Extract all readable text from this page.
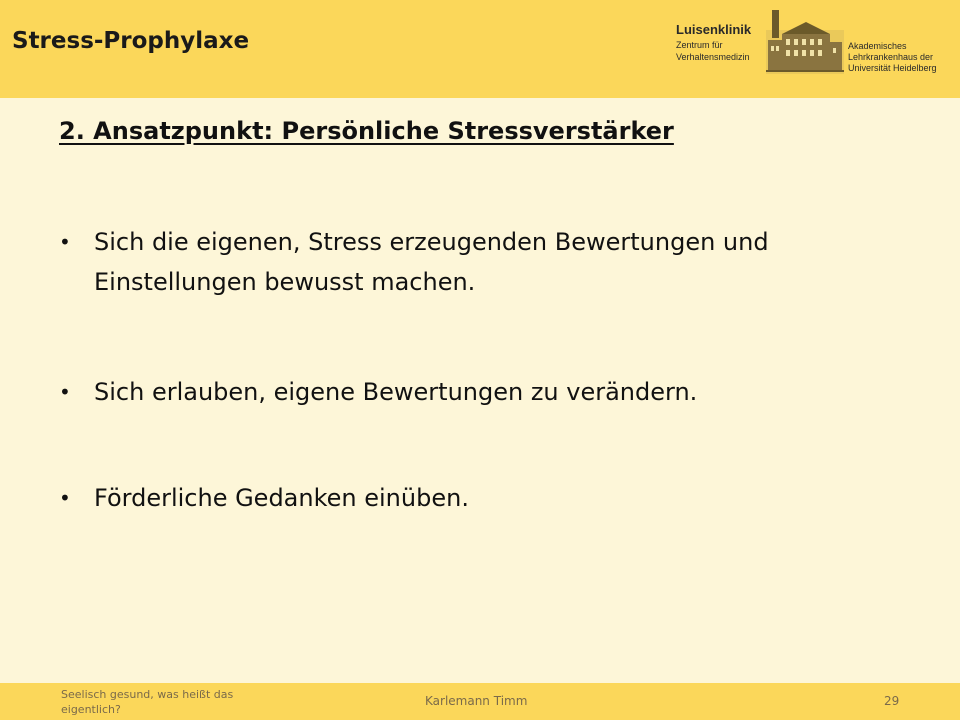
Stress-Prophylaxe	Luisenklinik
Zentrum für
Verhaltensmedizin
Akademisches
Lehrkrankenhaus der
Universität Heidelberg
2. Ansatzpunkt: Persönliche Stressverstärker
• Sich die eigenen, Stress erzeugenden Bewertungen und Einstellungen bewusst machen.
• Sich erlauben, eigene Bewertungen zu verändern.
• Förderliche Gedanken einüben.
Seelisch gesund, was heißt das eigentlich?
Karlemann Timm	29
